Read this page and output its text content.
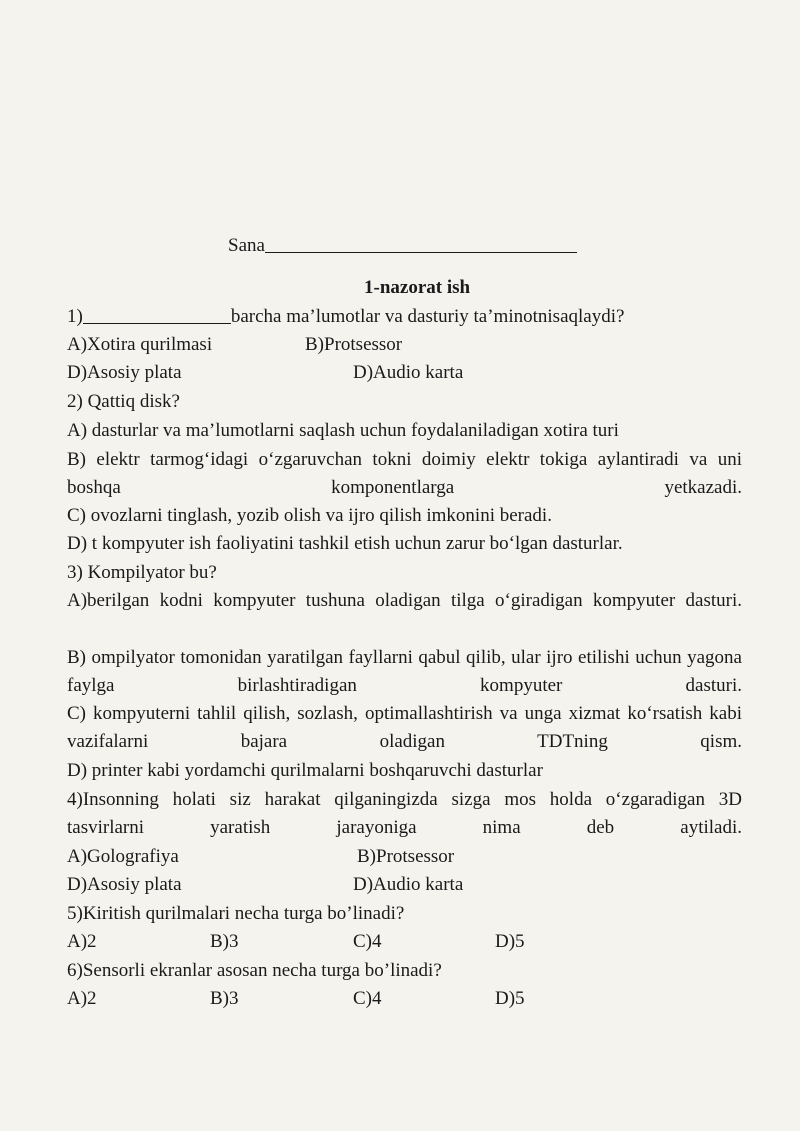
Sana
1-nazorat ish
1)	barcha ma’lumotlar va dasturiy ta’minotnisaqlaydi?
A)Xotira qurilmasi	B)Protsessor
D)Asosiy plata	D)Audio karta
2) Qattiq disk?
A) dasturlar va ma’lumotlarni saqlash uchun foydalaniladigan xotira turi
B) elektr tarmog‘idagi o‘zgaruvchan tokni doimiy elektr tokiga aylantiradi va uni boshqa komponentlarga yetkazadi.
C) ovozlarni tinglash, yozib olish va ijro qilish imkonini beradi.
D) t kompyuter ish faoliyatini tashkil etish uchun zarur bo‘lgan dasturlar.
3) Kompilyator bu?
A)berilgan kodni kompyuter tushuna oladigan tilga o‘giradigan kompyuter dasturi.
B) ompilyator tomonidan yaratilgan fayllarni qabul qilib, ular ijro etilishi uchun yagona faylga birlashtiradigan kompyuter dasturi.
C) kompyuterni tahlil qilish, sozlash, optimallashtirish va unga xizmat ko‘rsatish kabi vazifalarni bajara oladigan TDTning qism.
D) printer kabi yordamchi qurilmalarni boshqaruvchi dasturlar
4)Insonning holati siz harakat qilganingizda sizga mos holda o‘zgaradigan 3D tasvirlarni yaratish jarayoniga nima deb aytiladi.
A)Golografiya	B)Protsessor
D)Asosiy plata	D)Audio karta
5)Kiritish qurilmalari necha turga bo’linadi?
A)2	B)3	C)4	D)5
6)Sensorli ekranlar asosan necha turga bo’linadi?
A)2	B)3	C)4	D)5
